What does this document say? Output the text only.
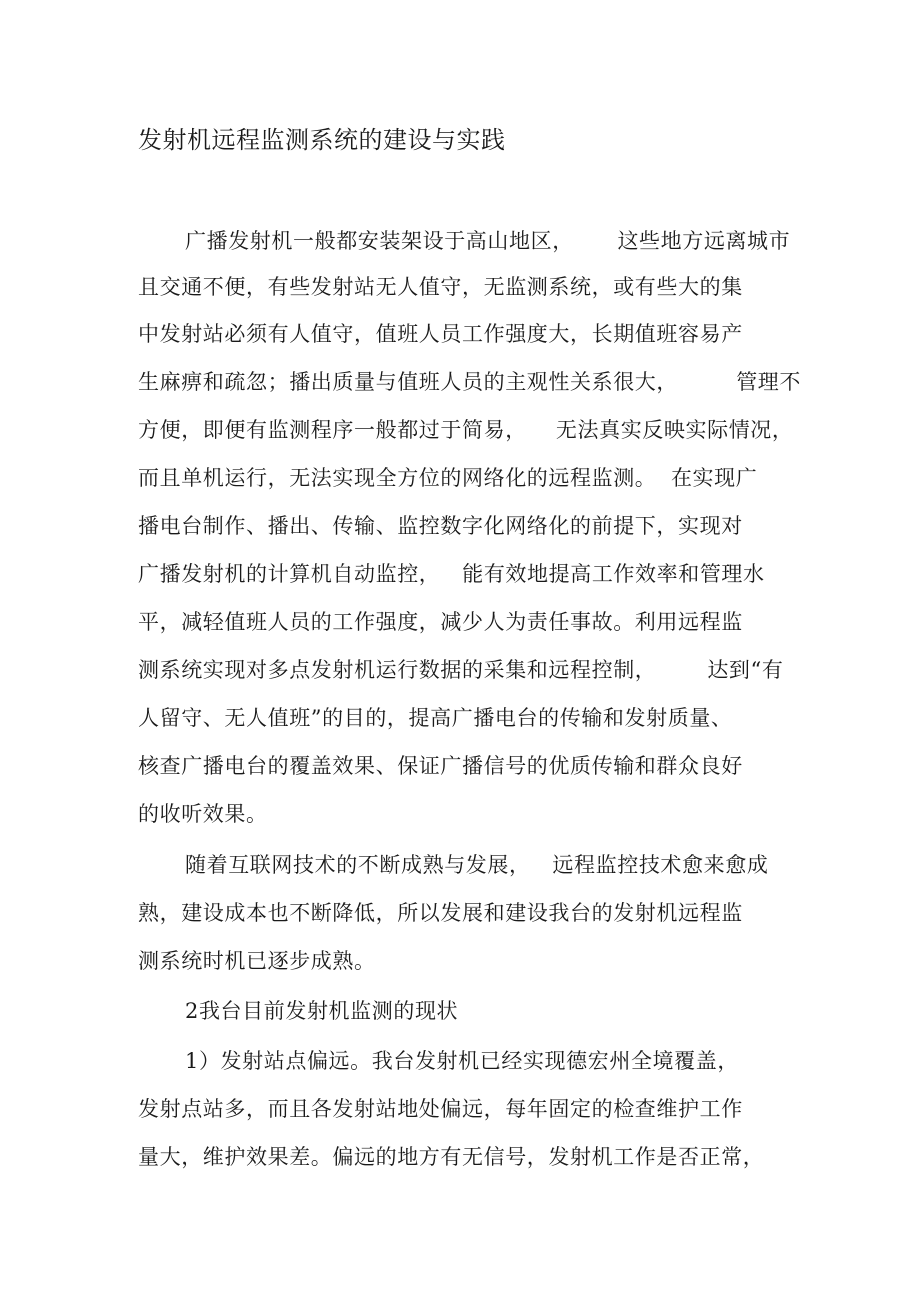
发射机远程监测系统的建设与实践
广播发射机一般都安装架设于高山地区，      这些地方远离城市
且交通不便，有些发射站无人值守，无监测系统，或有些大的集
中发射站必须有人值守，值班人员工作强度大，长期值班容易产
生麻痹和疏忽；播出质量与值班人员的主观性关系很大，        管理不
方便，即便有监测程序一般都过于简易，    无法真实反映实际情况，
而且单机运行，无法实现全方位的网络化的远程监测。  在实现广
播电台制作、播出、传输、监控数字化网络化的前提下，实现对
广播发射机的计算机自动监控，   能有效地提高工作效率和管理水
平，减轻值班人员的工作强度，减少人为责任事故。利用远程监
测系统实现对多点发射机运行数据的采集和远程控制，       达到“有
人留守、无人值班”的目的，提高广播电台的传输和发射质量、
核查广播电台的覆盖效果、保证广播信号的优质传输和群众良好
的收听效果。
随着互联网技术的不断成熟与发展，   远程监控技术愈来愈成
熟，建设成本也不断降低，所以发展和建设我台的发射机远程监
测系统时机已逐步成熟。
2我台目前发射机监测的现状
1）发射站点偏远。我台发射机已经实现德宏州全境覆盖，
发射点站多，而且各发射站地处偏远，每年固定的检查维护工作
量大，维护效果差。偏远的地方有无信号，发射机工作是否正常，
